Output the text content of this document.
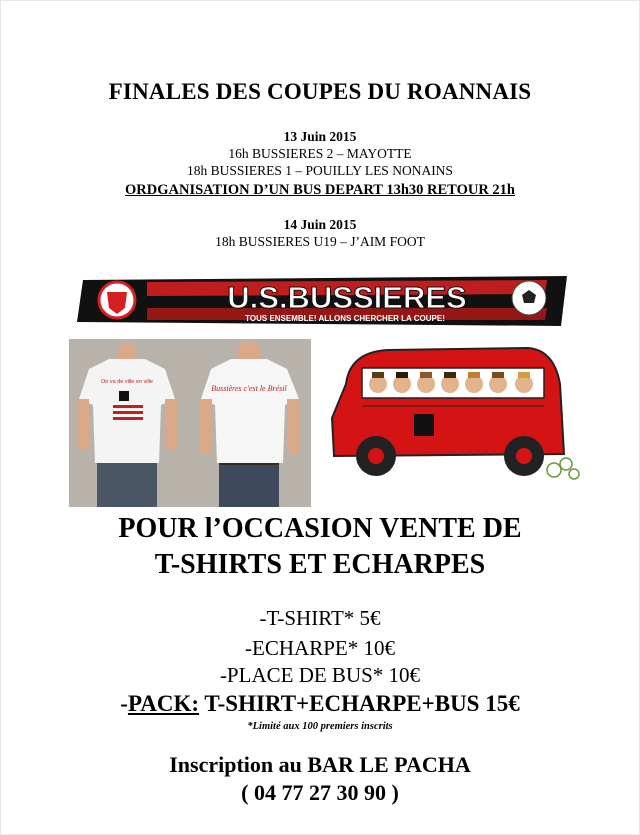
FINALES DES COUPES DU ROANNAIS
13 Juin 2015
16h BUSSIERES 2 – MAYOTTE
18h BUSSIERES 1 – POUILLY LES NONAINS
ORDGANISATION D’UN BUS DEPART 13h30 RETOUR 21h
14 Juin 2015
18h BUSSIERES U19 – J’AIM FOOT
U.S.BUSSIERES
TOUS ENSEMBLE! ALLONS CHERCHER LA COUPE!
On va de ville en ville
Bussières c'est le Brésil
POUR l’OCCASION VENTE DE
T-SHIRTS ET ECHARPES
-T-SHIRT* 5€
-ECHARPE* 10€
-PLACE DE BUS* 10€
-PACK: T-SHIRT+ECHARPE+BUS 15€
*Limité aux 100 premiers inscrits
Inscription au BAR LE PACHA
( 04 77 27 30 90 )
